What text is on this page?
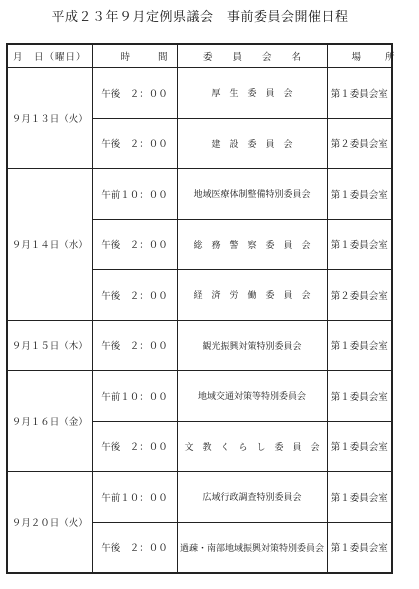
平成２３年９月定例県議会　事前委員会開催日程
月　日（曜日）	時間	委員会名	場所
９月１３日（火）	午後　２：００	厚　生　委　員　会	第１委員会室
	午後　２：００	建　設　委　員　会	第２委員会室
９月１４日（水）	午前１０：００	地域医療体制整備特別委員会	第１委員会室
	午後　２：００	総　務　警　察　委　員　会	第１委員会室
	午後　２：００	経　済　労　働　委　員　会	第２委員会室
９月１５日（木）	午後　２：００	観光振興対策特別委員会	第１委員会室
９月１６日（金）	午前１０：００	地域交通対策等特別委員会	第１委員会室
	午後　２：００	文　教　く　ら　し　委　員　会	第１委員会室
９月２０日（火）	午前１０：００	広域行政調査特別委員会	第１委員会室
	午後　２：００	過疎・南部地域振興対策特別委員会	第１委員会室
